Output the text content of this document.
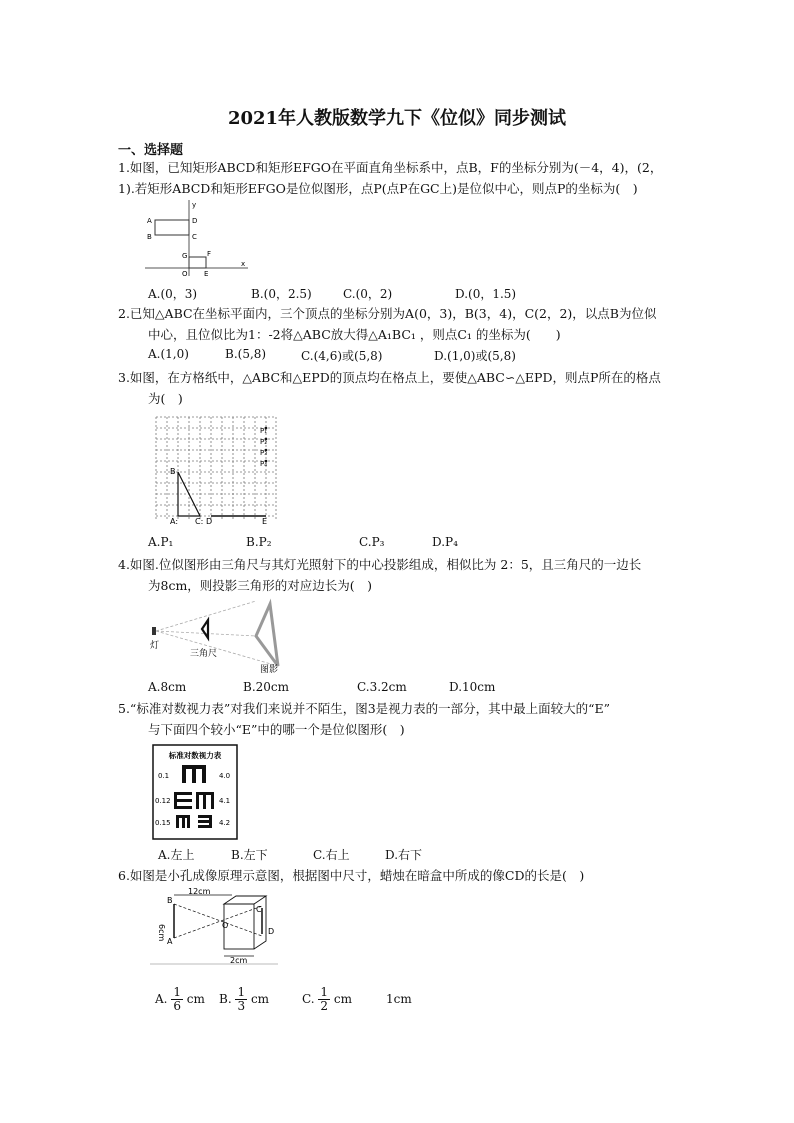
2021年人教版数学九下《位似》同步测试
一、选择题
1.如图，已知矩形ABCD和矩形EFGO在平面直角坐标系中，点B，F的坐标分别为(－4，4)，(2，
1).若矩形ABCD和矩形EFGO是位似图形，点P(点P在GC上)是位似中心，则点P的坐标为(　)
A
B
D
C
G	F
O E
x
y
A.(0，3)	B.(0，2.5)	C.(0，2)	D.(0，1.5)
2.已知△ABC在坐标平面内，三个顶点的坐标分别为A(0，3)，B(3，4)，C(2，2)，以点B为位似
中心，且位似比为1：-2将△ABC放大得△A₁BC₁ ，则点C₁ 的坐标为(　　)
A.(1,0)	B.(5,8)	C.(4,6)或(5,8)	D.(1,0)或(5,8)
3.如图，在方格纸中，△ABC和△EPD的顶点均在格点上，要使△ABC∽△EPD，则点P所在的格点
为(　)
B
A: C: D	E
P₁
P₂
P₃
P₄
A.P₁	B.P₂	C.P₃	D.P₄
4.如图.位似图形由三角尺与其灯光照射下的中心投影组成，相似比为 2：5，且三角尺的一边长
为8cm，则投影三角形的对应边长为(　)
灯
三角尺
图影
A.8cm	B.20cm	C.3.2cm	D.10cm
5.“标准对数视力表”对我们来说并不陌生，图3是视力表的一部分，其中最上面较大的“E”
与下面四个较小“E”中的哪一个是位似图形(　)
标准对数视力表
0.1
0.12
0.15
4.0
4.1
4.2
A.左上	B.左下	C.右上	D.右下
6.如图是小孔成像原理示意图，根据图中尺寸，蜡烛在暗盒中所成的像CD的长是(　)
12cm
6cm
2cm
B
A
C
D
O
A. $\frac{1}{6}$ cm B. $\frac{1}{3}$ cm	C. $\frac{1}{2}$ cm	1cm
